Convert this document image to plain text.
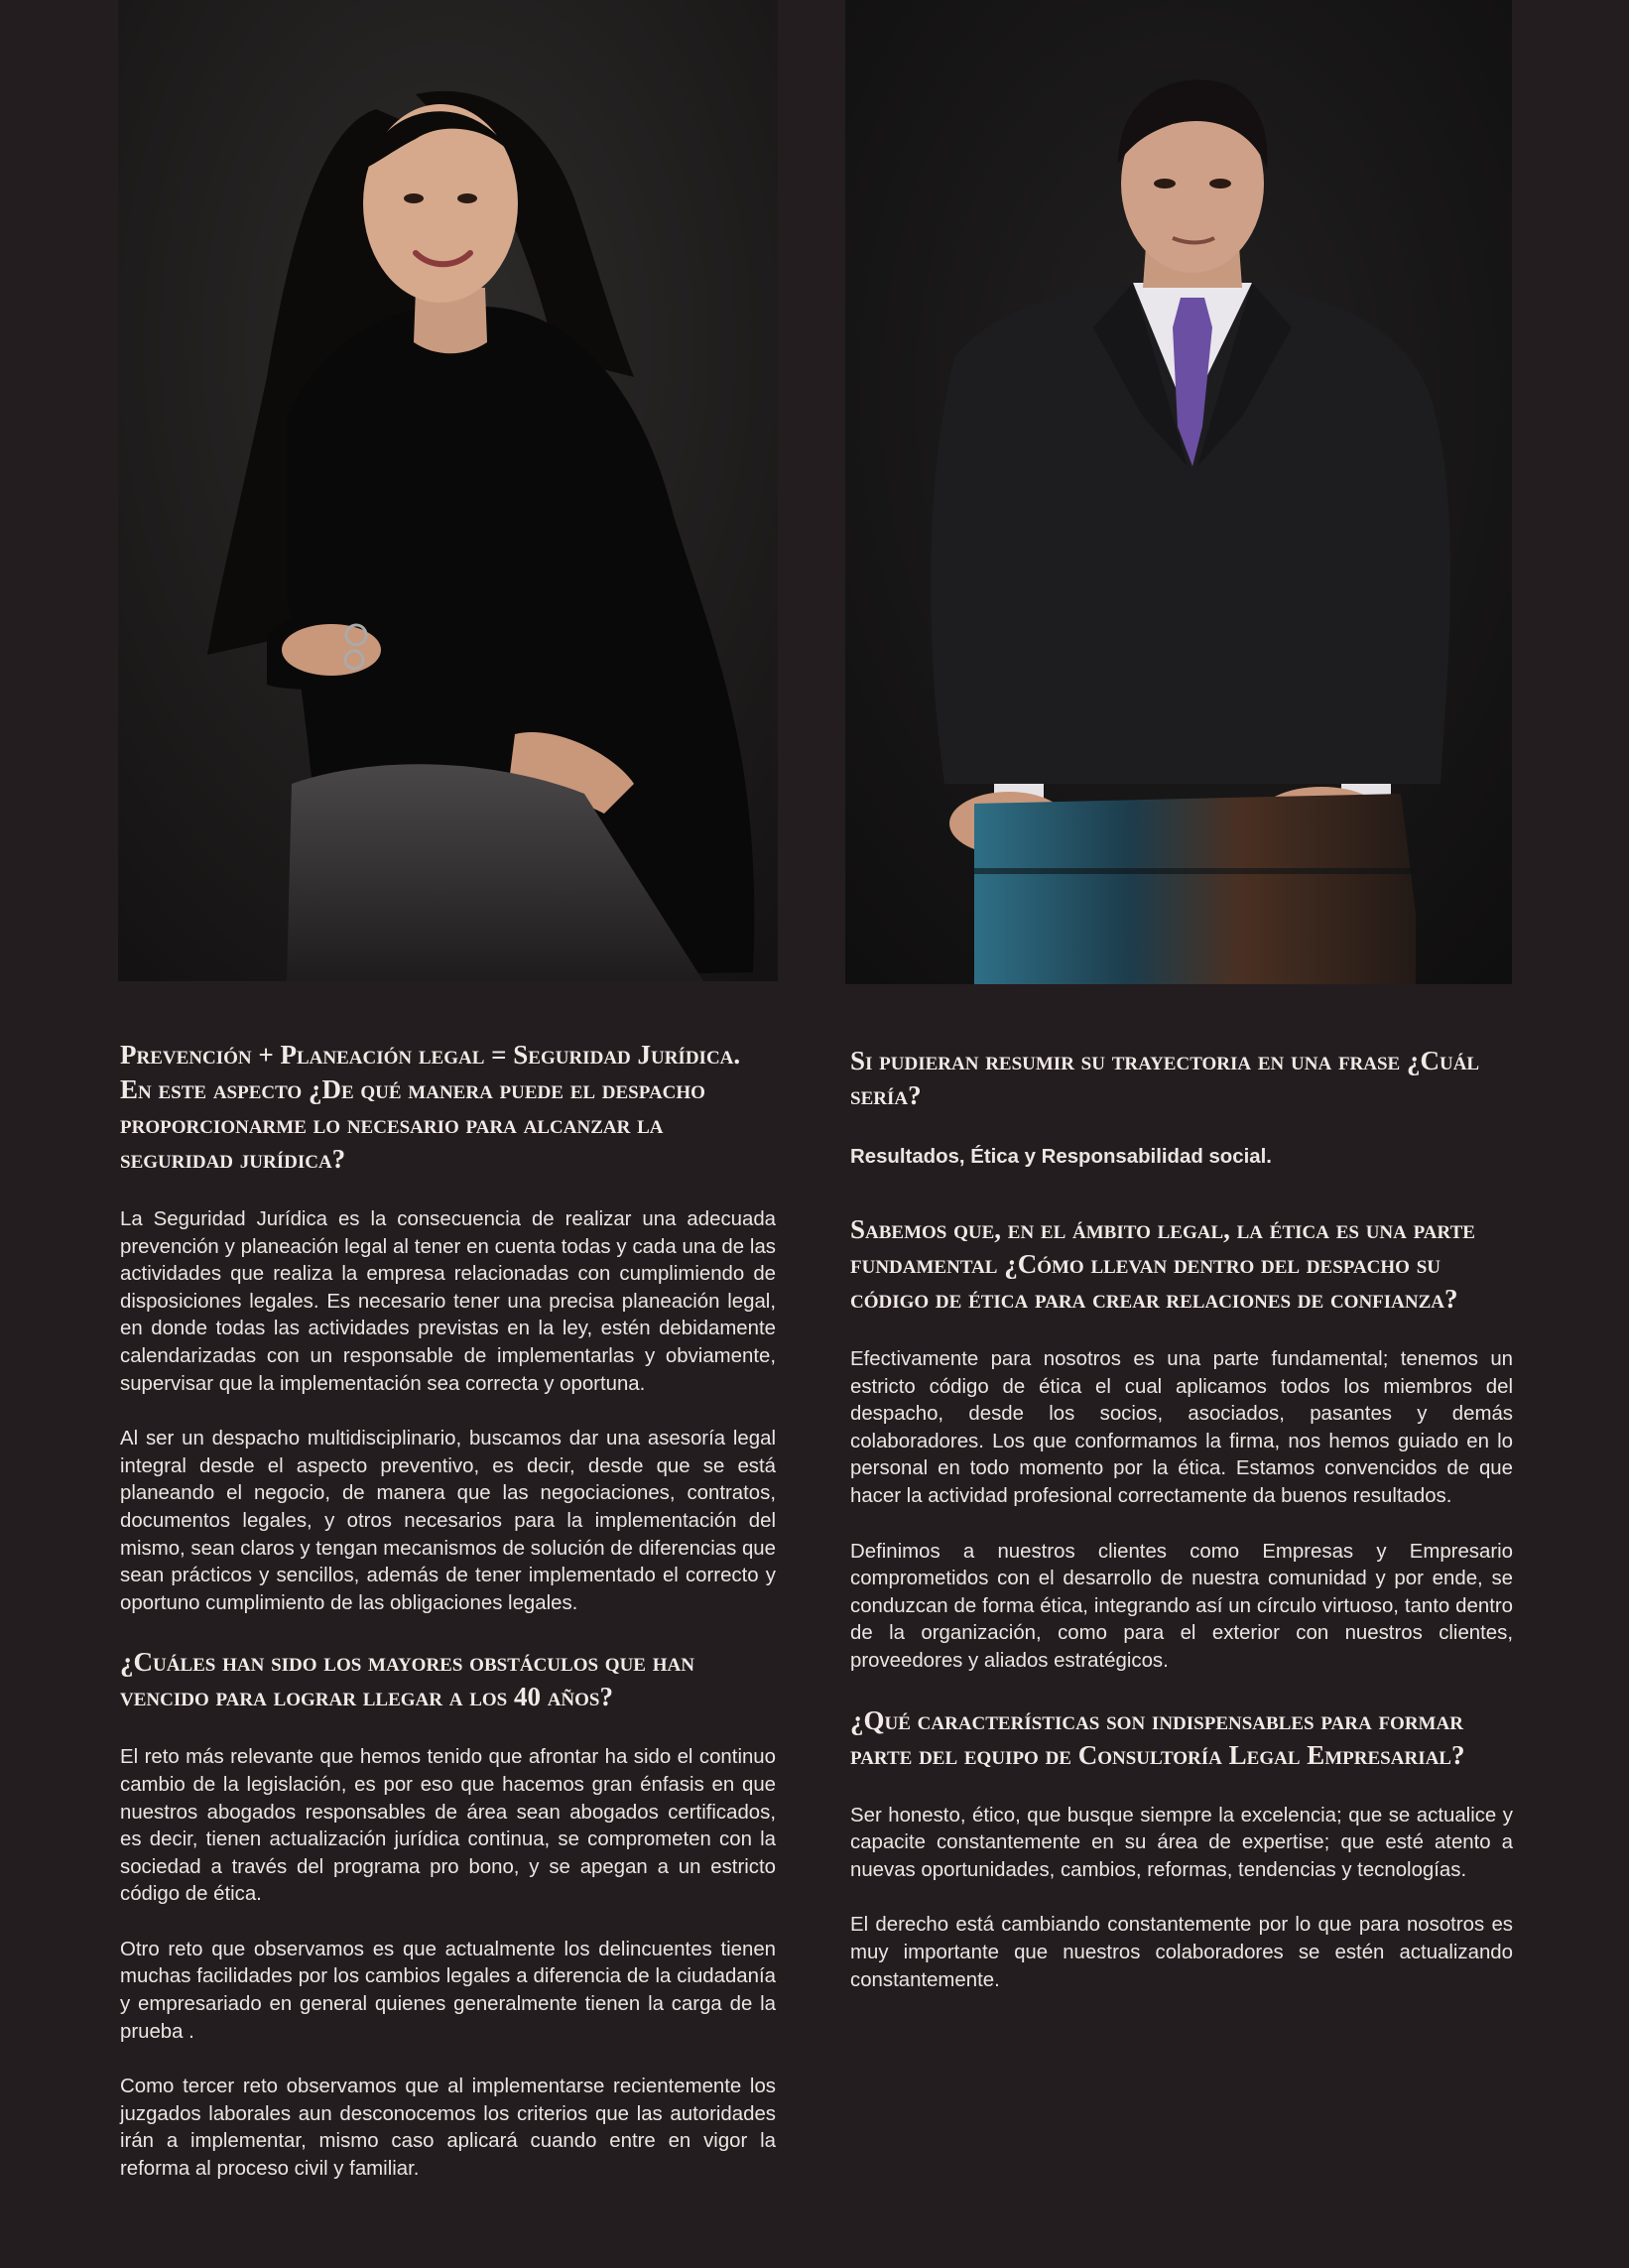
Prevención + Planeación legal = Seguridad Jurídica. En este aspecto ¿De qué manera puede el despacho proporcionarme lo necesario para alcanzar la seguridad jurídica?
La Seguridad Jurídica es la consecuencia de realizar una adecuada prevención y planeación legal al tener en cuenta todas y cada una de las actividades que realiza la empresa relacionadas con cumplimiendo de disposiciones legales. Es necesario tener una precisa planeación legal, en donde todas las actividades previstas en la ley, estén debidamente calendarizadas con un responsable de implementarlas y obviamente, supervisar que la implementación sea correcta y oportuna.
Al ser un despacho multidisciplinario, buscamos dar una asesoría legal integral desde el aspecto preventivo, es decir, desde que se está planeando el negocio, de manera que las negociaciones, contratos, documentos legales, y otros necesarios para la implementación del mismo, sean claros y tengan mecanismos de solución de diferencias que sean prácticos y sencillos, además de tener implementado el correcto y oportuno cumplimiento de las obligaciones legales.
¿Cuáles han sido los mayores obstáculos que han vencido para lograr llegar a los 40 años?
El reto más relevante que hemos tenido que afrontar ha sido el continuo cambio de la legislación, es por eso que hacemos gran énfasis en que nuestros abogados responsables de área sean abogados certificados, es decir, tienen actualización jurídica continua, se comprometen con la sociedad a través del programa pro bono, y se apegan a un estricto código de ética.
Otro reto que observamos es que actualmente los delincuentes tienen muchas facilidades por los cambios legales a diferencia de la ciudadanía y empresariado en general quienes generalmente tienen la carga de la prueba .
Como tercer reto observamos que al implementarse recientemente los juzgados laborales aun desconocemos los criterios que las autoridades irán a implementar, mismo caso aplicará cuando entre en vigor la reforma al proceso civil y familiar.
Si pudieran resumir su trayectoria en una frase ¿Cuál sería?
Resultados, Ética y Responsabilidad social.
Sabemos que, en el ámbito legal, la ética es una parte fundamental ¿Cómo llevan dentro del despacho su código de ética para crear relaciones de confianza?
Efectivamente para nosotros es una parte fundamental; tenemos un estricto código de ética el cual aplicamos todos los miembros del despacho, desde los socios, asociados, pasantes y demás colaboradores. Los que conformamos la firma, nos hemos guiado en lo personal en todo momento por la ética. Estamos convencidos de que hacer la actividad profesional correctamente da buenos resultados.
Definimos a nuestros clientes como Empresas y Empresario comprometidos con el desarrollo de nuestra comunidad y por ende, se conduzcan de forma ética, integrando así un círculo virtuoso, tanto dentro de la organización, como para el exterior con nuestros clientes, proveedores y aliados estratégicos.
¿Qué características son indispensables para formar parte del equipo de Consultoría Legal Empresarial?
Ser honesto, ético, que busque siempre la excelencia; que se actualice y capacite constantemente en su área de expertise; que esté atento a nuevas oportunidades, cambios, reformas, tendencias y tecnologías.
El derecho está cambiando constantemente por lo que para nosotros es muy importante que nuestros colaboradores se estén actualizando constantemente.
